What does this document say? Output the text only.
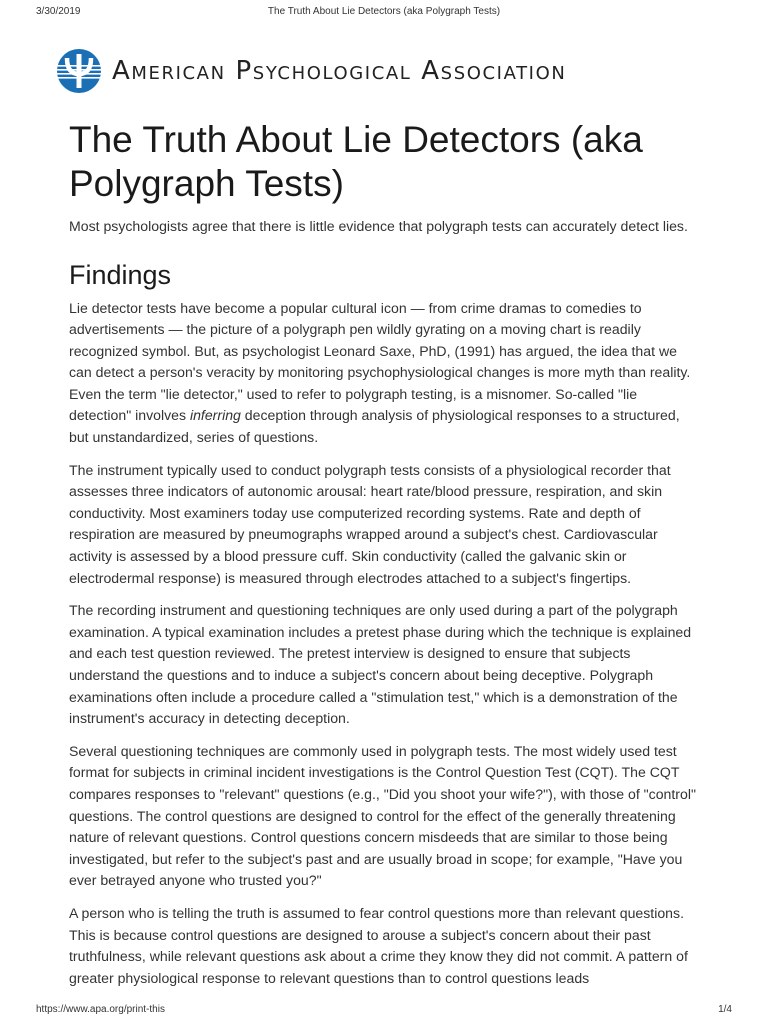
3/30/2019	The Truth About Lie Detectors (aka Polygraph Tests)
American Psychological Association
The Truth About Lie Detectors (aka Polygraph Tests)

Most psychologists agree that there is little evidence that polygraph tests can accurately detect lies.

Findings

Lie detector tests have become a popular cultural icon — from crime dramas to comedies to advertisements — the picture of a polygraph pen wildly gyrating on a moving chart is readily recognized symbol. But, as psychologist Leonard Saxe, PhD, (1991) has argued, the idea that we can detect a person's veracity by monitoring psychophysiological changes is more myth than reality. Even the term "lie detector," used to refer to polygraph testing, is a misnomer. So-called "lie detection" involves inferring deception through analysis of physiological responses to a structured, but unstandardized, series of questions.

The instrument typically used to conduct polygraph tests consists of a physiological recorder that assesses three indicators of autonomic arousal: heart rate/blood pressure, respiration, and skin conductivity. Most examiners today use computerized recording systems. Rate and depth of respiration are measured by pneumographs wrapped around a subject's chest. Cardiovascular activity is assessed by a blood pressure cuff. Skin conductivity (called the galvanic skin or electrodermal response) is measured through electrodes attached to a subject's fingertips.

The recording instrument and questioning techniques are only used during a part of the polygraph examination. A typical examination includes a pretest phase during which the technique is explained and each test question reviewed. The pretest interview is designed to ensure that subjects understand the questions and to induce a subject's concern about being deceptive. Polygraph examinations often include a procedure called a "stimulation test," which is a demonstration of the instrument's accuracy in detecting deception.

Several questioning techniques are commonly used in polygraph tests. The most widely used test format for subjects in criminal incident investigations is the Control Question Test (CQT). The CQT compares responses to "relevant" questions (e.g., "Did you shoot your wife?"), with those of "control" questions. The control questions are designed to control for the effect of the generally threatening nature of relevant questions. Control questions concern misdeeds that are similar to those being investigated, but refer to the subject's past and are usually broad in scope; for example, "Have you ever betrayed anyone who trusted you?"

A person who is telling the truth is assumed to fear control questions more than relevant questions. This is because control questions are designed to arouse a subject's concern about their past truthfulness, while relevant questions ask about a crime they know they did not commit. A pattern of greater physiological response to relevant questions than to control questions leads

https://www.apa.org/print-this	1/4
